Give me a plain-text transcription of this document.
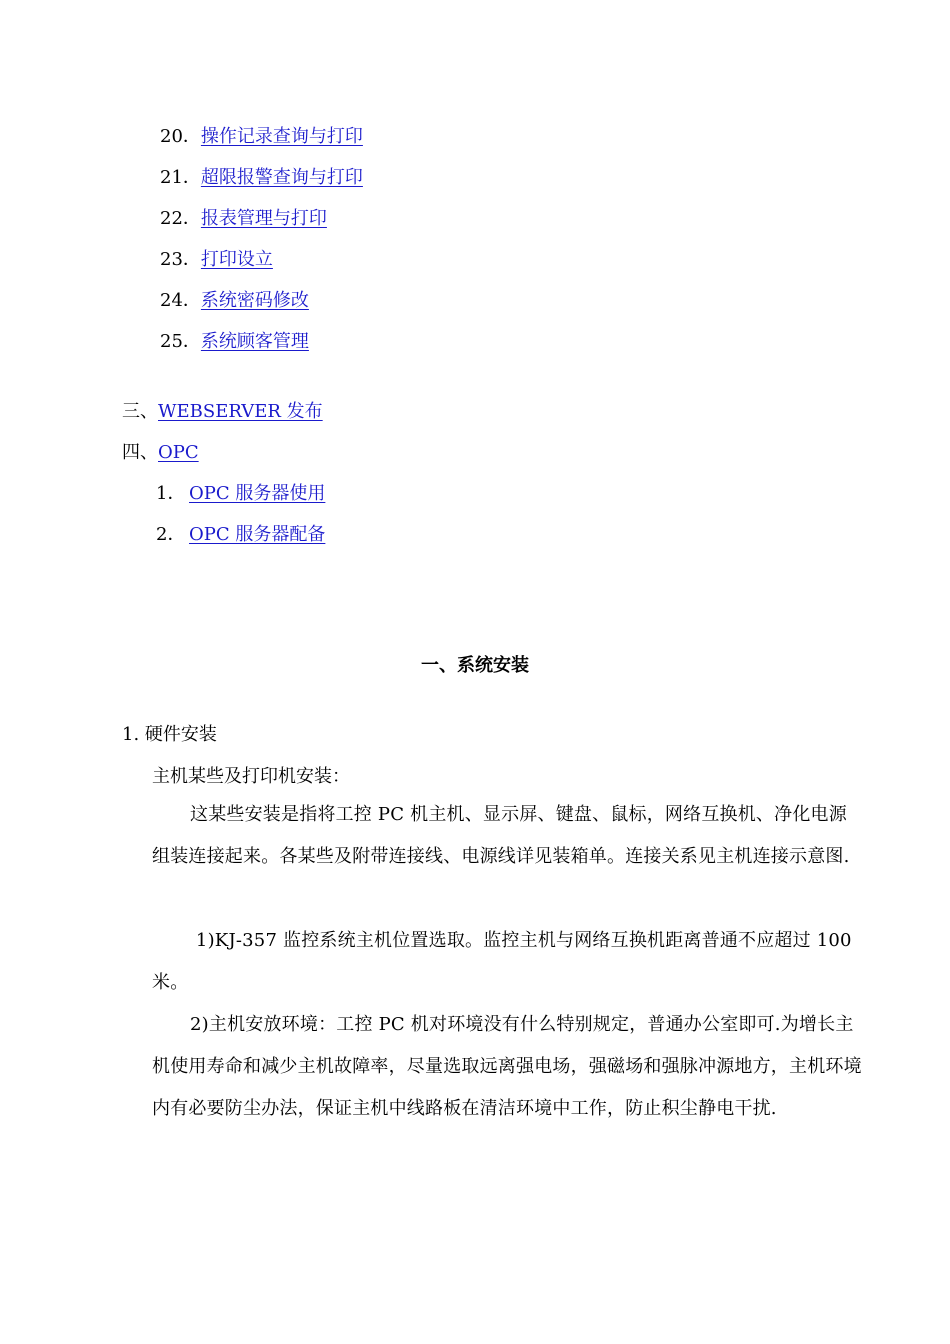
20．操作记录查询与打印
21．超限报警查询与打印
22．报表管理与打印
23．打印设立
24．系统密码修改
25．系统顾客管理
三、WEBSERVER 发布
四、OPC
1． OPC 服务器使用
2． OPC 服务器配备
一、系统安装
1. 硬件安装
主机某些及打印机安装：
这某些安装是指将工控 PC 机主机、显示屏、键盘、鼠标，网络互换机、净化电源组装连接起来。各某些及附带连接线、电源线详见装箱单。连接关系见主机连接示意图.
1)KJ-357 监控系统主机位置选取。监控主机与网络互换机距离普通不应超过 100 米。
2)主机安放环境：工控 PC 机对环境没有什么特别规定，普通办公室即可.为增长主机使用寿命和减少主机故障率，尽量选取远离强电场，强磁场和强脉冲源地方，主机环境内有必要防尘办法，保证主机中线路板在清洁环境中工作，防止积尘静电干扰.
